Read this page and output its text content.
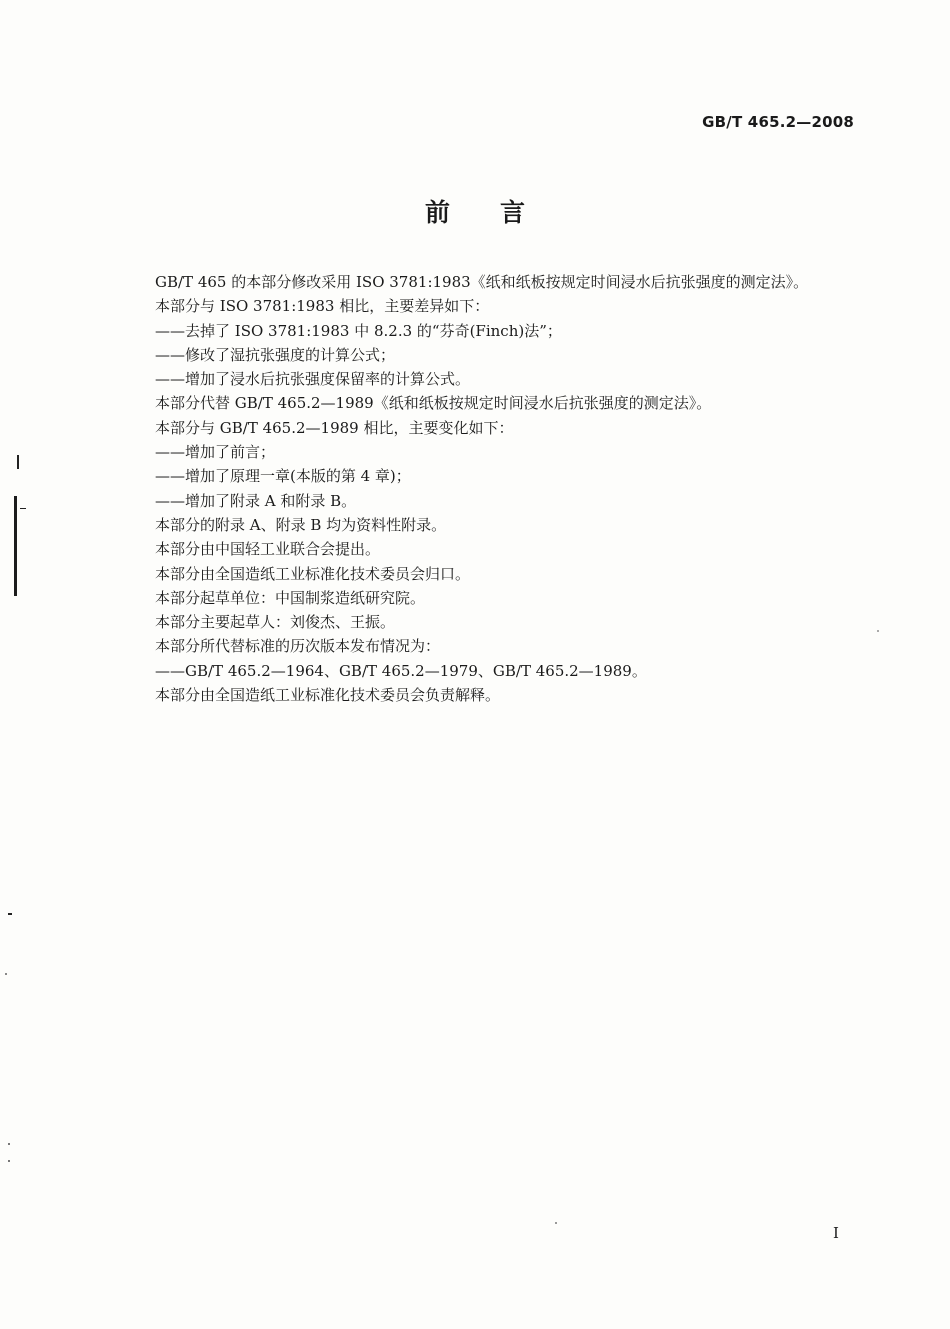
GB/T 465.2—2008
前言
GB/T 465 的本部分修改采用 ISO 3781:1983《纸和纸板按规定时间浸水后抗张强度的测定法》。
本部分与 ISO 3781:1983 相比，主要差异如下：
——去掉了 ISO 3781:1983 中 8.2.3 的“芬奇(Finch)法”；
——修改了湿抗张强度的计算公式；
——增加了浸水后抗张强度保留率的计算公式。
本部分代替 GB/T 465.2—1989《纸和纸板按规定时间浸水后抗张强度的测定法》。
本部分与 GB/T 465.2—1989 相比，主要变化如下：
——增加了前言；
——增加了原理一章(本版的第 4 章)；
——增加了附录 A 和附录 B。
本部分的附录 A、附录 B 均为资料性附录。
本部分由中国轻工业联合会提出。
本部分由全国造纸工业标准化技术委员会归口。
本部分起草单位：中国制浆造纸研究院。
本部分主要起草人：刘俊杰、王振。
本部分所代替标准的历次版本发布情况为：
——GB/T 465.2—1964、GB/T 465.2—1979、GB/T 465.2—1989。
本部分由全国造纸工业标准化技术委员会负责解释。
I
